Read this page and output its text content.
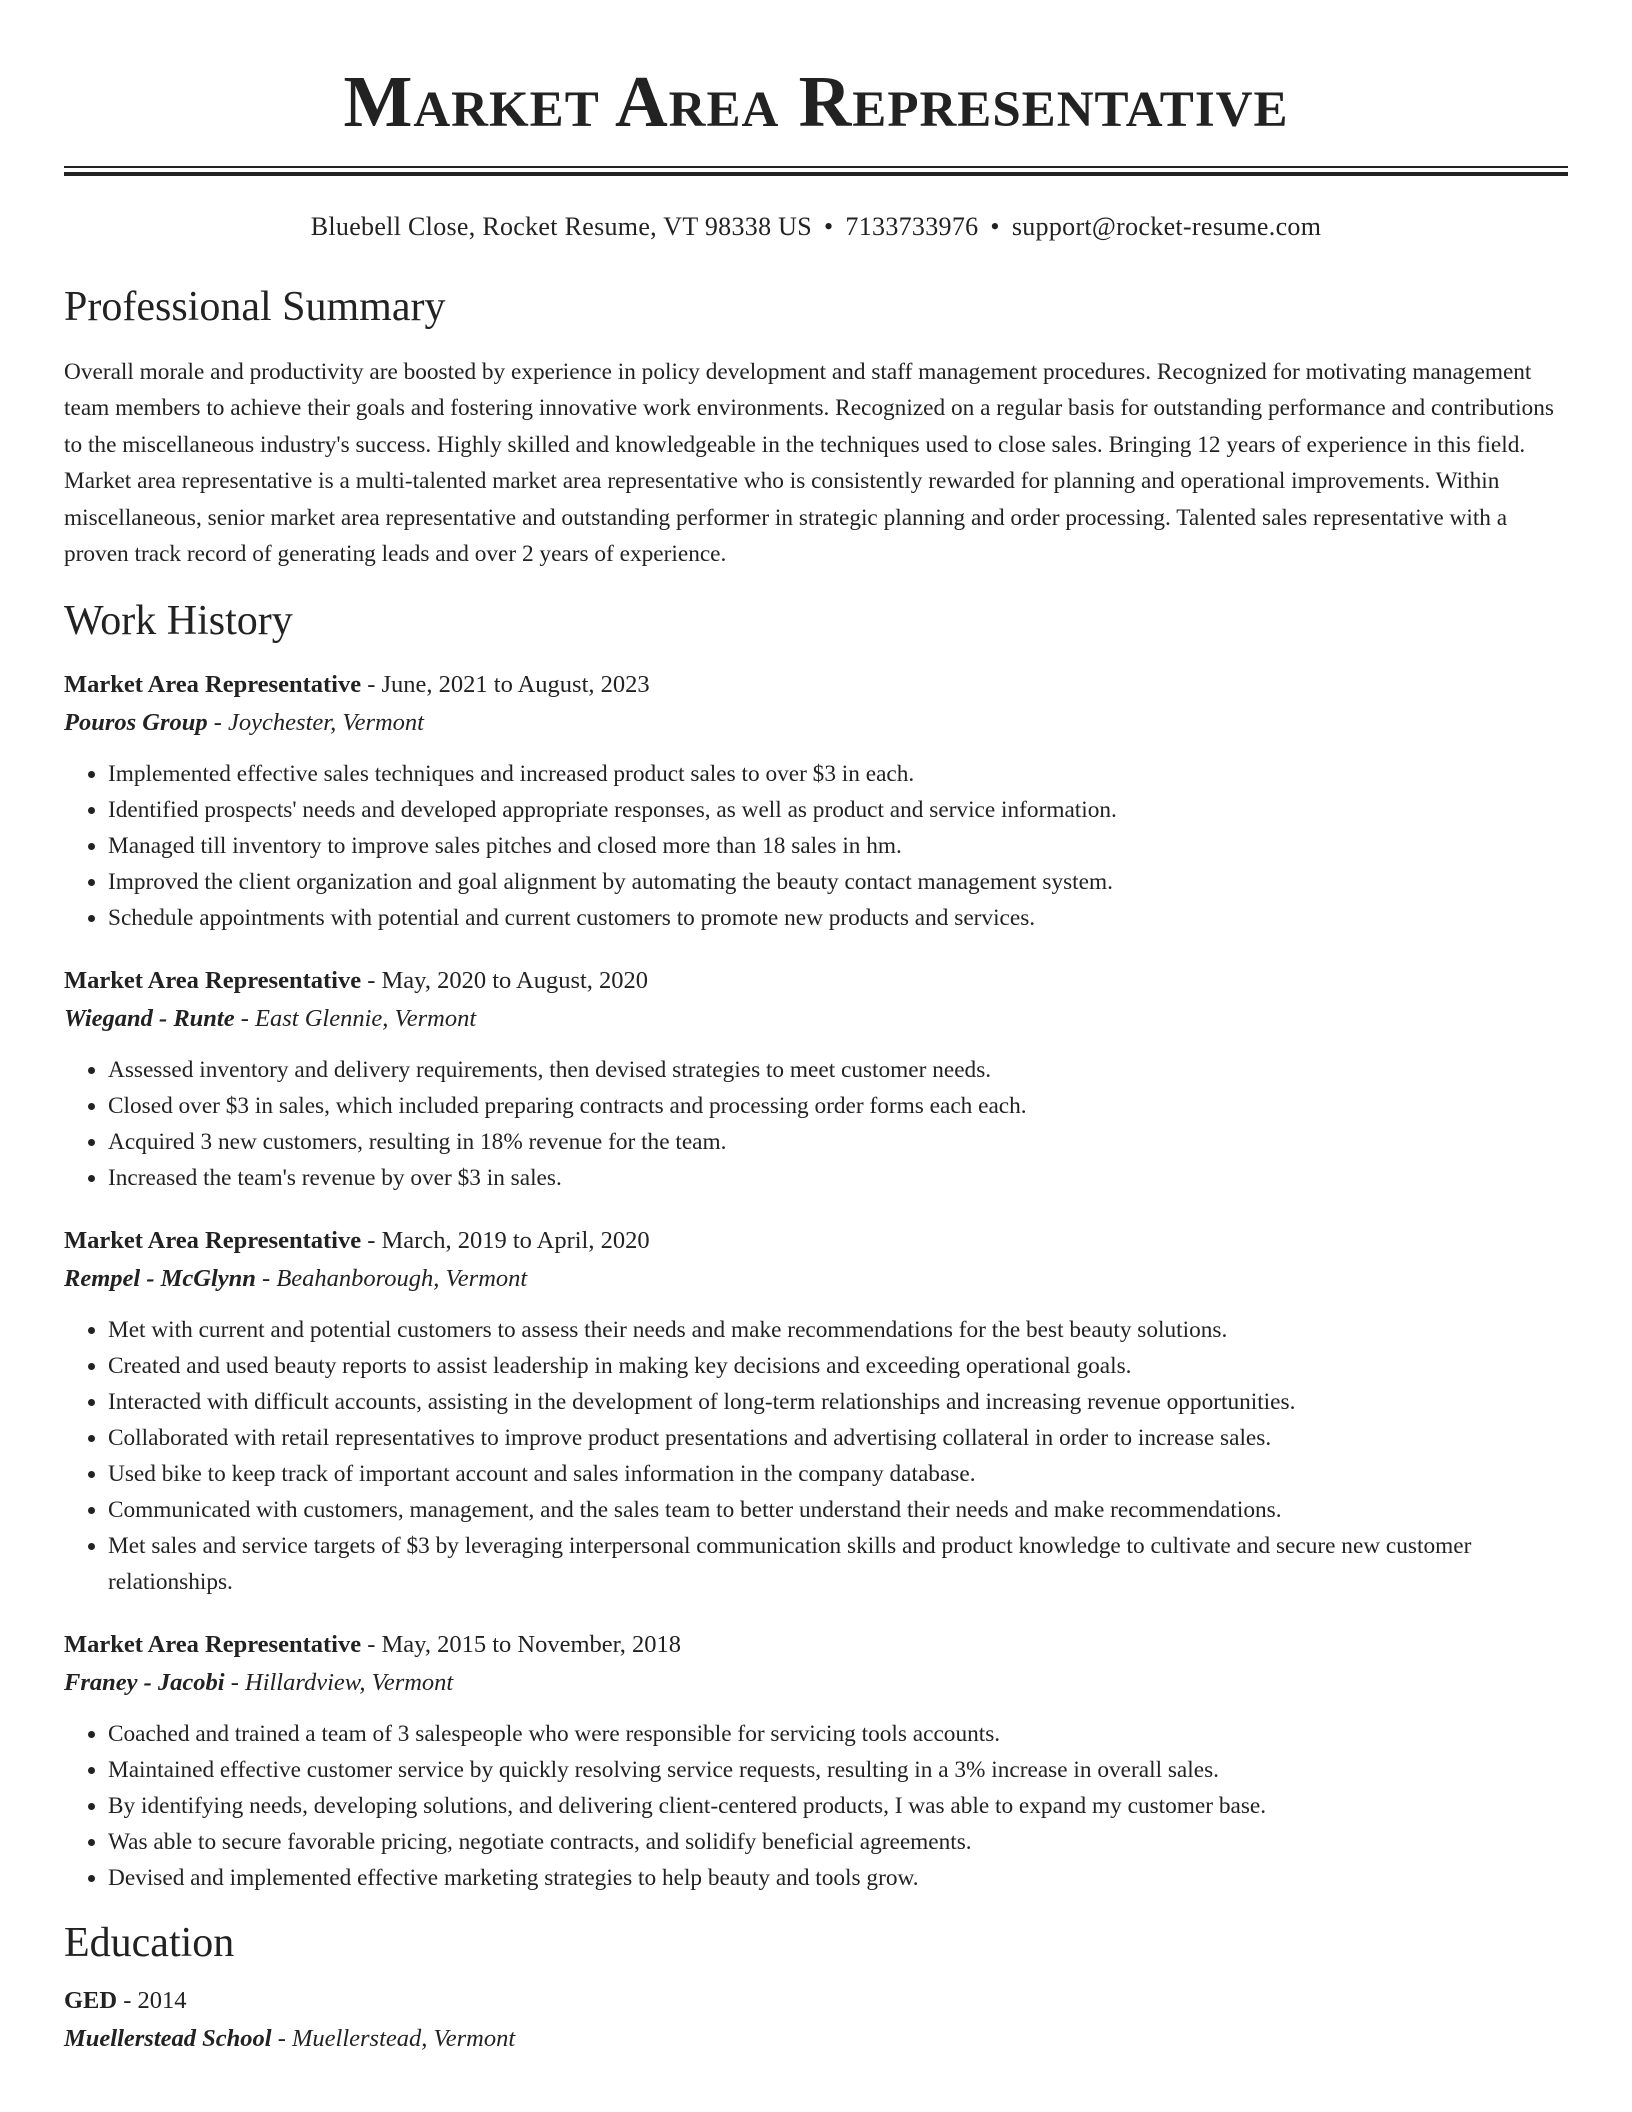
Market Area Representative
Bluebell Close, Rocket Resume, VT 98338 US • 7133733976 • support@rocket-resume.com
Professional Summary
Overall morale and productivity are boosted by experience in policy development and staff management procedures. Recognized for motivating management team members to achieve their goals and fostering innovative work environments. Recognized on a regular basis for outstanding performance and contributions to the miscellaneous industry's success. Highly skilled and knowledgeable in the techniques used to close sales. Bringing 12 years of experience in this field. Market area representative is a multi-talented market area representative who is consistently rewarded for planning and operational improvements. Within miscellaneous, senior market area representative and outstanding performer in strategic planning and order processing. Talented sales representative with a proven track record of generating leads and over 2 years of experience.
Work History
Market Area Representative - June, 2021 to August, 2023
Pouros Group - Joychester, Vermont
• Implemented effective sales techniques and increased product sales to over $3 in each.
• Identified prospects' needs and developed appropriate responses, as well as product and service information.
• Managed till inventory to improve sales pitches and closed more than 18 sales in hm.
• Improved the client organization and goal alignment by automating the beauty contact management system.
• Schedule appointments with potential and current customers to promote new products and services.
Market Area Representative - May, 2020 to August, 2020
Wiegand - Runte - East Glennie, Vermont
• Assessed inventory and delivery requirements, then devised strategies to meet customer needs.
• Closed over $3 in sales, which included preparing contracts and processing order forms each each.
• Acquired 3 new customers, resulting in 18% revenue for the team.
• Increased the team's revenue by over $3 in sales.
Market Area Representative - March, 2019 to April, 2020
Rempel - McGlynn - Beahanborough, Vermont
• Met with current and potential customers to assess their needs and make recommendations for the best beauty solutions.
• Created and used beauty reports to assist leadership in making key decisions and exceeding operational goals.
• Interacted with difficult accounts, assisting in the development of long-term relationships and increasing revenue opportunities.
• Collaborated with retail representatives to improve product presentations and advertising collateral in order to increase sales.
• Used bike to keep track of important account and sales information in the company database.
• Communicated with customers, management, and the sales team to better understand their needs and make recommendations.
• Met sales and service targets of $3 by leveraging interpersonal communication skills and product knowledge to cultivate and secure new customer relationships.
Market Area Representative - May, 2015 to November, 2018
Franey - Jacobi - Hillardview, Vermont
• Coached and trained a team of 3 salespeople who were responsible for servicing tools accounts.
• Maintained effective customer service by quickly resolving service requests, resulting in a 3% increase in overall sales.
• By identifying needs, developing solutions, and delivering client-centered products, I was able to expand my customer base.
• Was able to secure favorable pricing, negotiate contracts, and solidify beneficial agreements.
• Devised and implemented effective marketing strategies to help beauty and tools grow.
Education
GED - 2014
Muellerstead School - Muellerstead, Vermont
